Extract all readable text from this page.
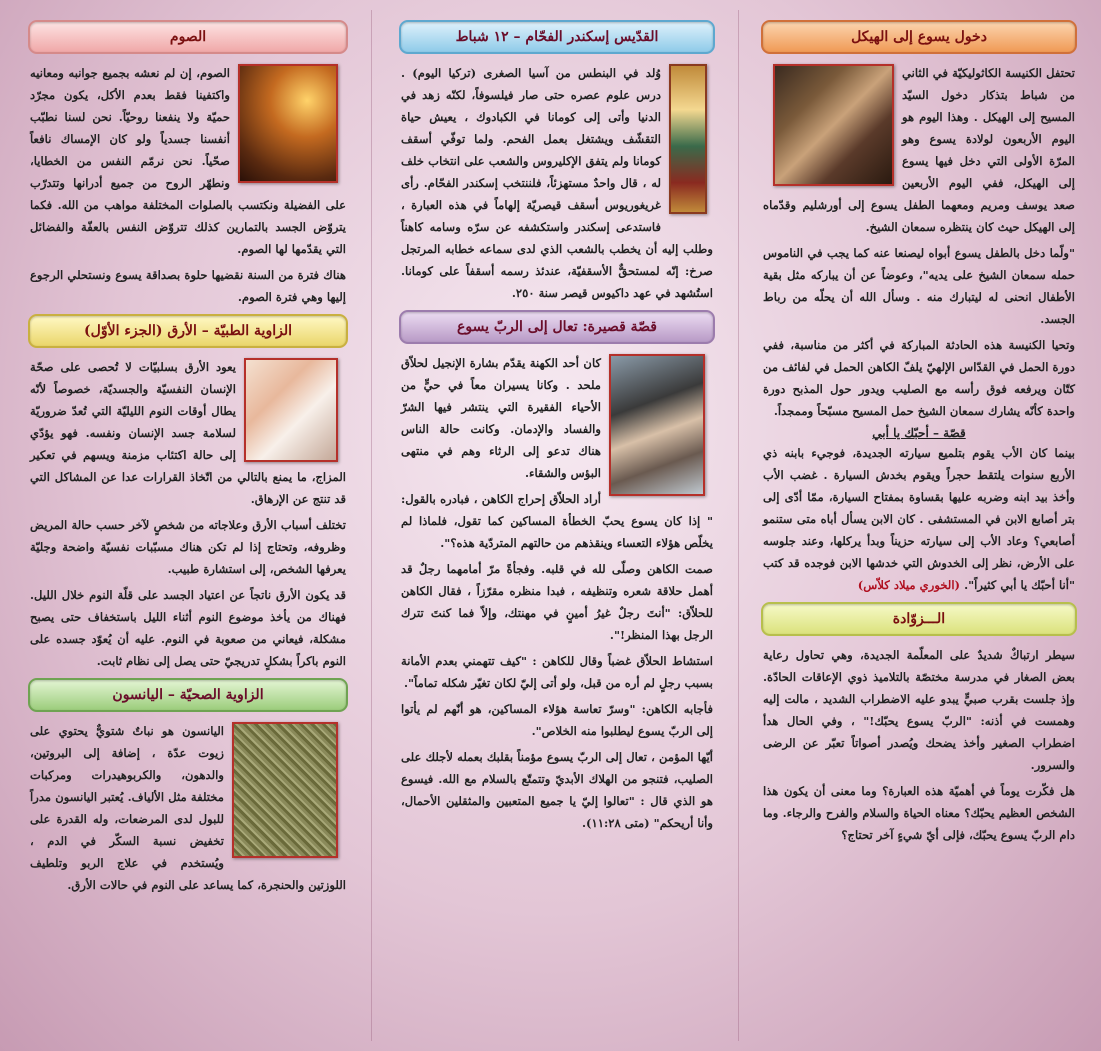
دخول يسوع إلى الهيكل

تحتفل الكنيسة الكاثوليكيّة في الثاني من شباط بتذكار دخول السيّد المسيح إلى الهيكل . وهذا اليوم هو اليوم الأربعون لولادة يسوع وهو المرّة الأولى التي دخل فيها يسوع إلى الهيكل، ففي اليوم الأربعين صعد يوسف ومريم ومعهما الطفل يسوع إلى أورشليم وقدّماه إلى الهيكل حيث كان ينتظره سمعان الشيخ.

"ولّما دخل بالطفل يسوع أبواه ليصنعا عنه كما يجب في الناموس حمله سمعان الشيخ على يديه"، وعوضاً عن أن يباركه مثل بقية الأطفال انحنى له ليتبارك منه . وسأل الله أن يحلّه من رباط الجسد.

وتحيا الكنيسة هذه الحادثة المباركة في أكثر من مناسبة، ففي دورة الحمل في القدّاس الإلهيّ يلفّ الكاهن الحمل في لفائف من كتّان ويرفعه فوق رأسه مع الصليب ويدور حول المذبح دورة واحدة كأنّه يشارك سمعان الشيخ حمل المسيح مسبّحاً وممجداً.

قصّة – أحبّك يا أبي

بينما كان الأب يقوم بتلميع سيارته الجديدة، فوجيء بابنه ذي الأربع سنوات يلتقط حجراً ويقوم بخدش السيارة . غضب الأب وأخذ بيد ابنه وضربه عليها بقساوة بمفتاح السيارة، ممّا أدّى إلى بتر أصابع الابن في المستشفى . كان الابن يسأل أباه متى ستنمو أصابعي؟ وعاد الأب إلى سيارته حزيناً وبدأ يركلها، وعند جلوسه على الأرض، نظر إلى الخدوش التي خدشها الابن فوجده قد كتب "أنا أحبّك يا أبي كثيراً". (الخوري ميلاد كلاّس)

الـــزوّادة

سيطر ارتباكٌ شديدٌ على المعلّمة الجديدة، وهي تحاول رعاية بعض الصغار في مدرسة مختصّة بالتلاميذ ذوي الإعاقات الحادّة. وإذ جلست بقرب صبيٍّ يبدو عليه الاضطراب الشديد ، مالت إليه وهمست في أذنه: "الربّ يسوع يحبّك!" ، وفي الحال هدأ اضطراب الصغير وأخذ يضحك ويُصدر أصواتاً تعبّر عن الرضى والسرور.

هل فكّرت يوماً في أهميّة هذه العبارة؟ وما معنى أن يكون هذا الشخص العظيم يحبّك؟ معناه الحياة والسلام والفرح والرجاء. وما دام الربّ يسوع يحبّك، فإلى أيّ شيءٍ آخر تحتاج؟

القدّيس إسكندر الفحّام – ١٢ شباط

وُلد في البنطس من آسيا الصغرى (تركيا اليوم) . درس علوم عصره حتى صار فيلسوفاً، لكنّه زهد في الدنيا وأتى إلى كومانا في الكبادوك ، يعيش حياة التقشّف ويشتغل بعمل الفحم. ولما توفّي أسقف كومانا ولم يتفق الإكليروس والشعب على انتخاب خلف له ، قال واحدٌ مستهزئاً، فلننتخب إسكندر الفحّام. رأى غريغوريوس أسقف قيصريّة إلهاماً في هذه العبارة ، فاستدعى إسكندر واستكشفه عن سرّه وسامه كاهناً وطلب إليه أن يخطب بالشعب الذي لدى سماعه خطابه المرتجل صرخ: إنّه لمستحقٌّ الأسقفيّة، عندئذ رسمه أسقفاً على كومانا. استُشهد في عهد داكيوس قيصر سنة ٢٥٠.

قصّة قصيرة: تعال إلى الربّ يسوع

كان أحد الكهنة يقدّم بشارة الإنجيل لحلاّق ملحد . وكانا يسيران معاً في حيٍّ من الأحياء الفقيرة التي ينتشر فيها الشرّ والفساد والإدمان. وكانت حالة الناس هناك تدعو إلى الرثاء وهم في منتهى البؤس والشقاء.

أراد الحلاّق إحراج الكاهن ، فبادره بالقول: " إذا كان يسوع يحبّ الخطأة المساكين كما تقول، فلماذا لم يخلّص هؤلاء التعساء وينقذهم من حالتهم المتردّية هذه؟".

صمت الكاهن وصلّى لله في قلبه. وفجأةً مرّ أمامهما رجلٌ قد أهمل حلاقة شعره وتنظيفه ، فبدا منظره مقرّزاً ، فقال الكاهن للحلاّق: "أنتَ رجلٌ غيرُ أمينٍ في مهنتك، وإلاّ فما كنتَ تترك الرجل بهذا المنظر!".

استشاط الحلاّق غضباً وقال للكاهن : "كيف تتهمني بعدم الأمانة بسبب رجلٍ لم أره من قبل، ولو أتى إليّ لكان تغيّر شكله تماماً".

فأجابه الكاهن: "وسرّ تعاسة هؤلاء المساكين، هو أنّهم لم يأتوا إلى الربّ يسوع ليطلبوا منه الخلاص".

أيّها المؤمن ، تعال إلى الربّ يسوع مؤمناً بقلبك بعمله لأجلك على الصليب، فتنجو من الهلاك الأبديّ وتتمتّع بالسلام مع الله. فيسوع هو الذي قال : "تعالوا إليّ يا جميع المتعبين والمثقلين الأحمال، وأنا أريحكم" (متى ١١:٢٨).

الصوم

الصوم، إن لم نعشه بجميع جوانبه ومعانيه واكتفينا فقط بعدم الأكل، يكون مجرّد حميّة ولا ينفعنا روحيّاً. نحن لسنا نطبّب أنفسنا جسدياً ولو كان الإمساك نافعاً صحّياً. نحن نرمّم النفس من الخطايا، ونطهّر الروح من جميع أدرانها وتتدرّب على الفضيلة ونكتسب بالصلوات المختلفة مواهب من الله. فكما يتروّض الجسد بالتمارين كذلك تتروّض النفس بالعفّة والفضائل التي يقدّمها لها الصوم.

هناك فترة من السنة نقضيها حلوة بصداقة يسوع ونستحلي الرجوع إليها وهي فترة الصوم.

الزاوية الطبيّة – الأرق (الجزء الأوّل)

يعود الأرق بسلبيّات لا تُحصى على صحّة الإنسان النفسيّة والجسديّة، خصوصاً لأنّه يطال أوقات النوم الليليّة التي تُعدّ ضروريّة لسلامة جسد الإنسان ونفسه. فهو يؤدّي إلى حالة اكتئاب مزمنة ويسهم في تعكير المزاج، ما يمنع بالتالي من اتّخاذ القرارات عدا عن المشاكل التي قد تنتج عن الإرهاق.

تختلف أسباب الأرق وعلاجاته من شخصٍ لآخر حسب حالة المريض وظروفه، وتحتاج إذا لم تكن هناك مسبّبات نفسيّة واضحة وجليّة يعرفها الشخص، إلى استشارة طبيب.

قد يكون الأرق ناتجاً عن اعتياد الجسد على قلّة النوم خلال الليل. فهناك من يأخذ موضوع النوم أثناء الليل باستخفاف حتى يصبح مشكلة، فيعاني من صعوبة في النوم. عليه أن يُعوّد جسده على النوم باكراً بشكلٍ تدريجيّ حتى يصل إلى نظام ثابت.

الزاوية الصحيّة – اليانسون

اليانسون هو نباتٌ شتويٌّ يحتوي على زيوت عدّة ، إضافة إلى البروتين، والدهون، والكربوهيدرات ومركبات مختلفة مثل الألياف. يُعتبر اليانسون مدراً للبول لدى المرضعات، وله القدرة على تخفيض نسبة السكّر في الدم ، ويُستخدم في علاج الربو وتلطيف اللوزتين والحنجرة، كما يساعد على النوم في حالات الأرق.
